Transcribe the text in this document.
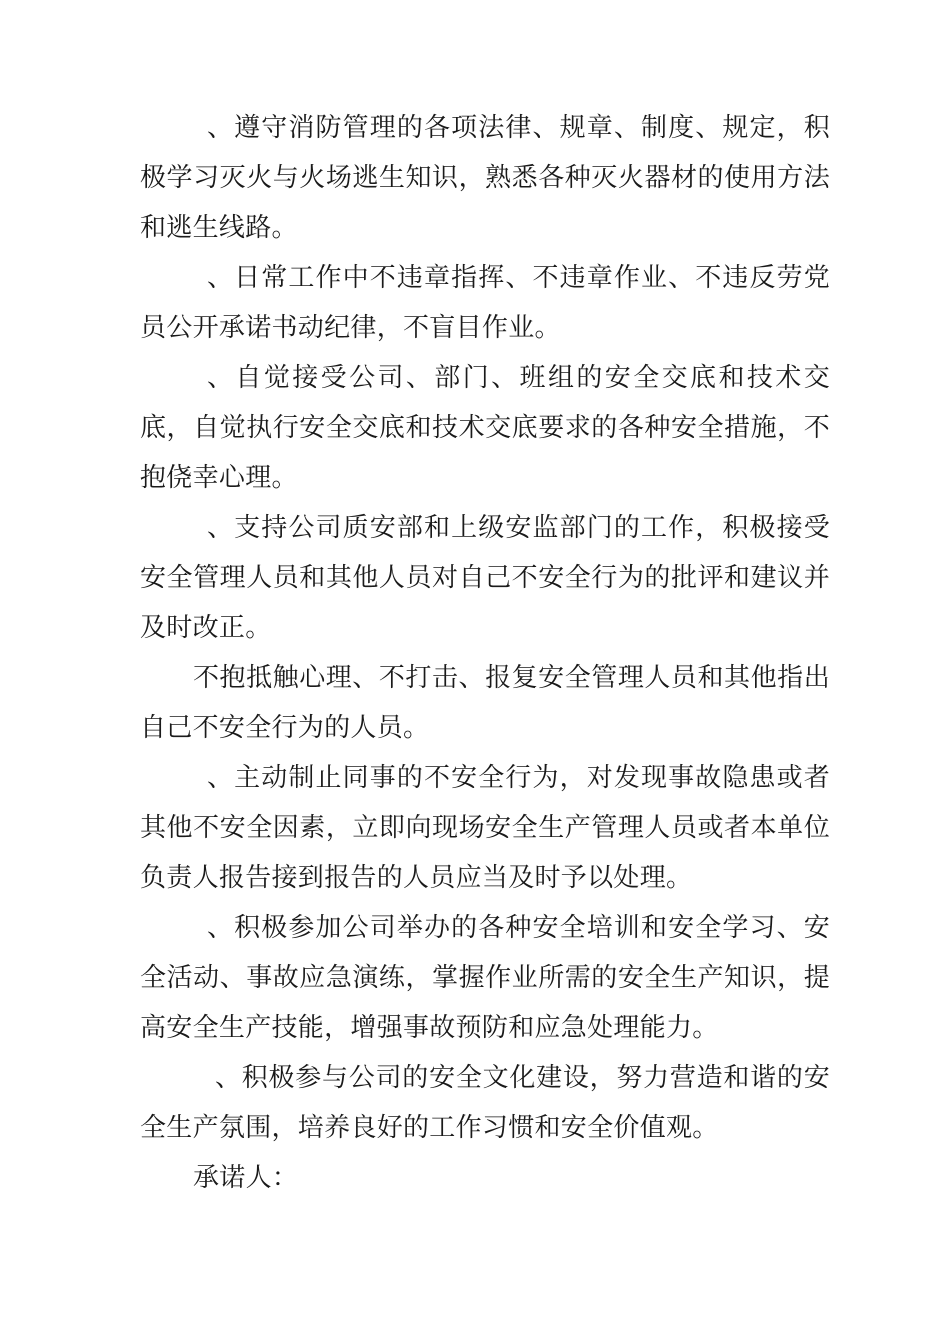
、遵守消防管理的各项法律、规章、制度、规定，积极学习灭火与火场逃生知识，熟悉各种灭火器材的使用方法和逃生线路。

、日常工作中不违章指挥、不违章作业、不违反劳党员公开承诺书动纪律，不盲目作业。

、自觉接受公司、部门、班组的安全交底和技术交底，自觉执行安全交底和技术交底要求的各种安全措施，不抱侥幸心理。

、支持公司质安部和上级安监部门的工作，积极接受安全管理人员和其他人员对自己不安全行为的批评和建议并及时改正。

不抱抵触心理、不打击、报复安全管理人员和其他指出自己不安全行为的人员。

、主动制止同事的不安全行为，对发现事故隐患或者其他不安全因素，立即向现场安全生产管理人员或者本单位负责人报告接到报告的人员应当及时予以处理。

、积极参加公司举办的各种安全培训和安全学习、安全活动、事故应急演练，掌握作业所需的安全生产知识，提高安全生产技能，增强事故预防和应急处理能力。

、积极参与公司的安全文化建设，努力营造和谐的安全生产氛围，培养良好的工作习惯和安全价值观。

承诺人：
